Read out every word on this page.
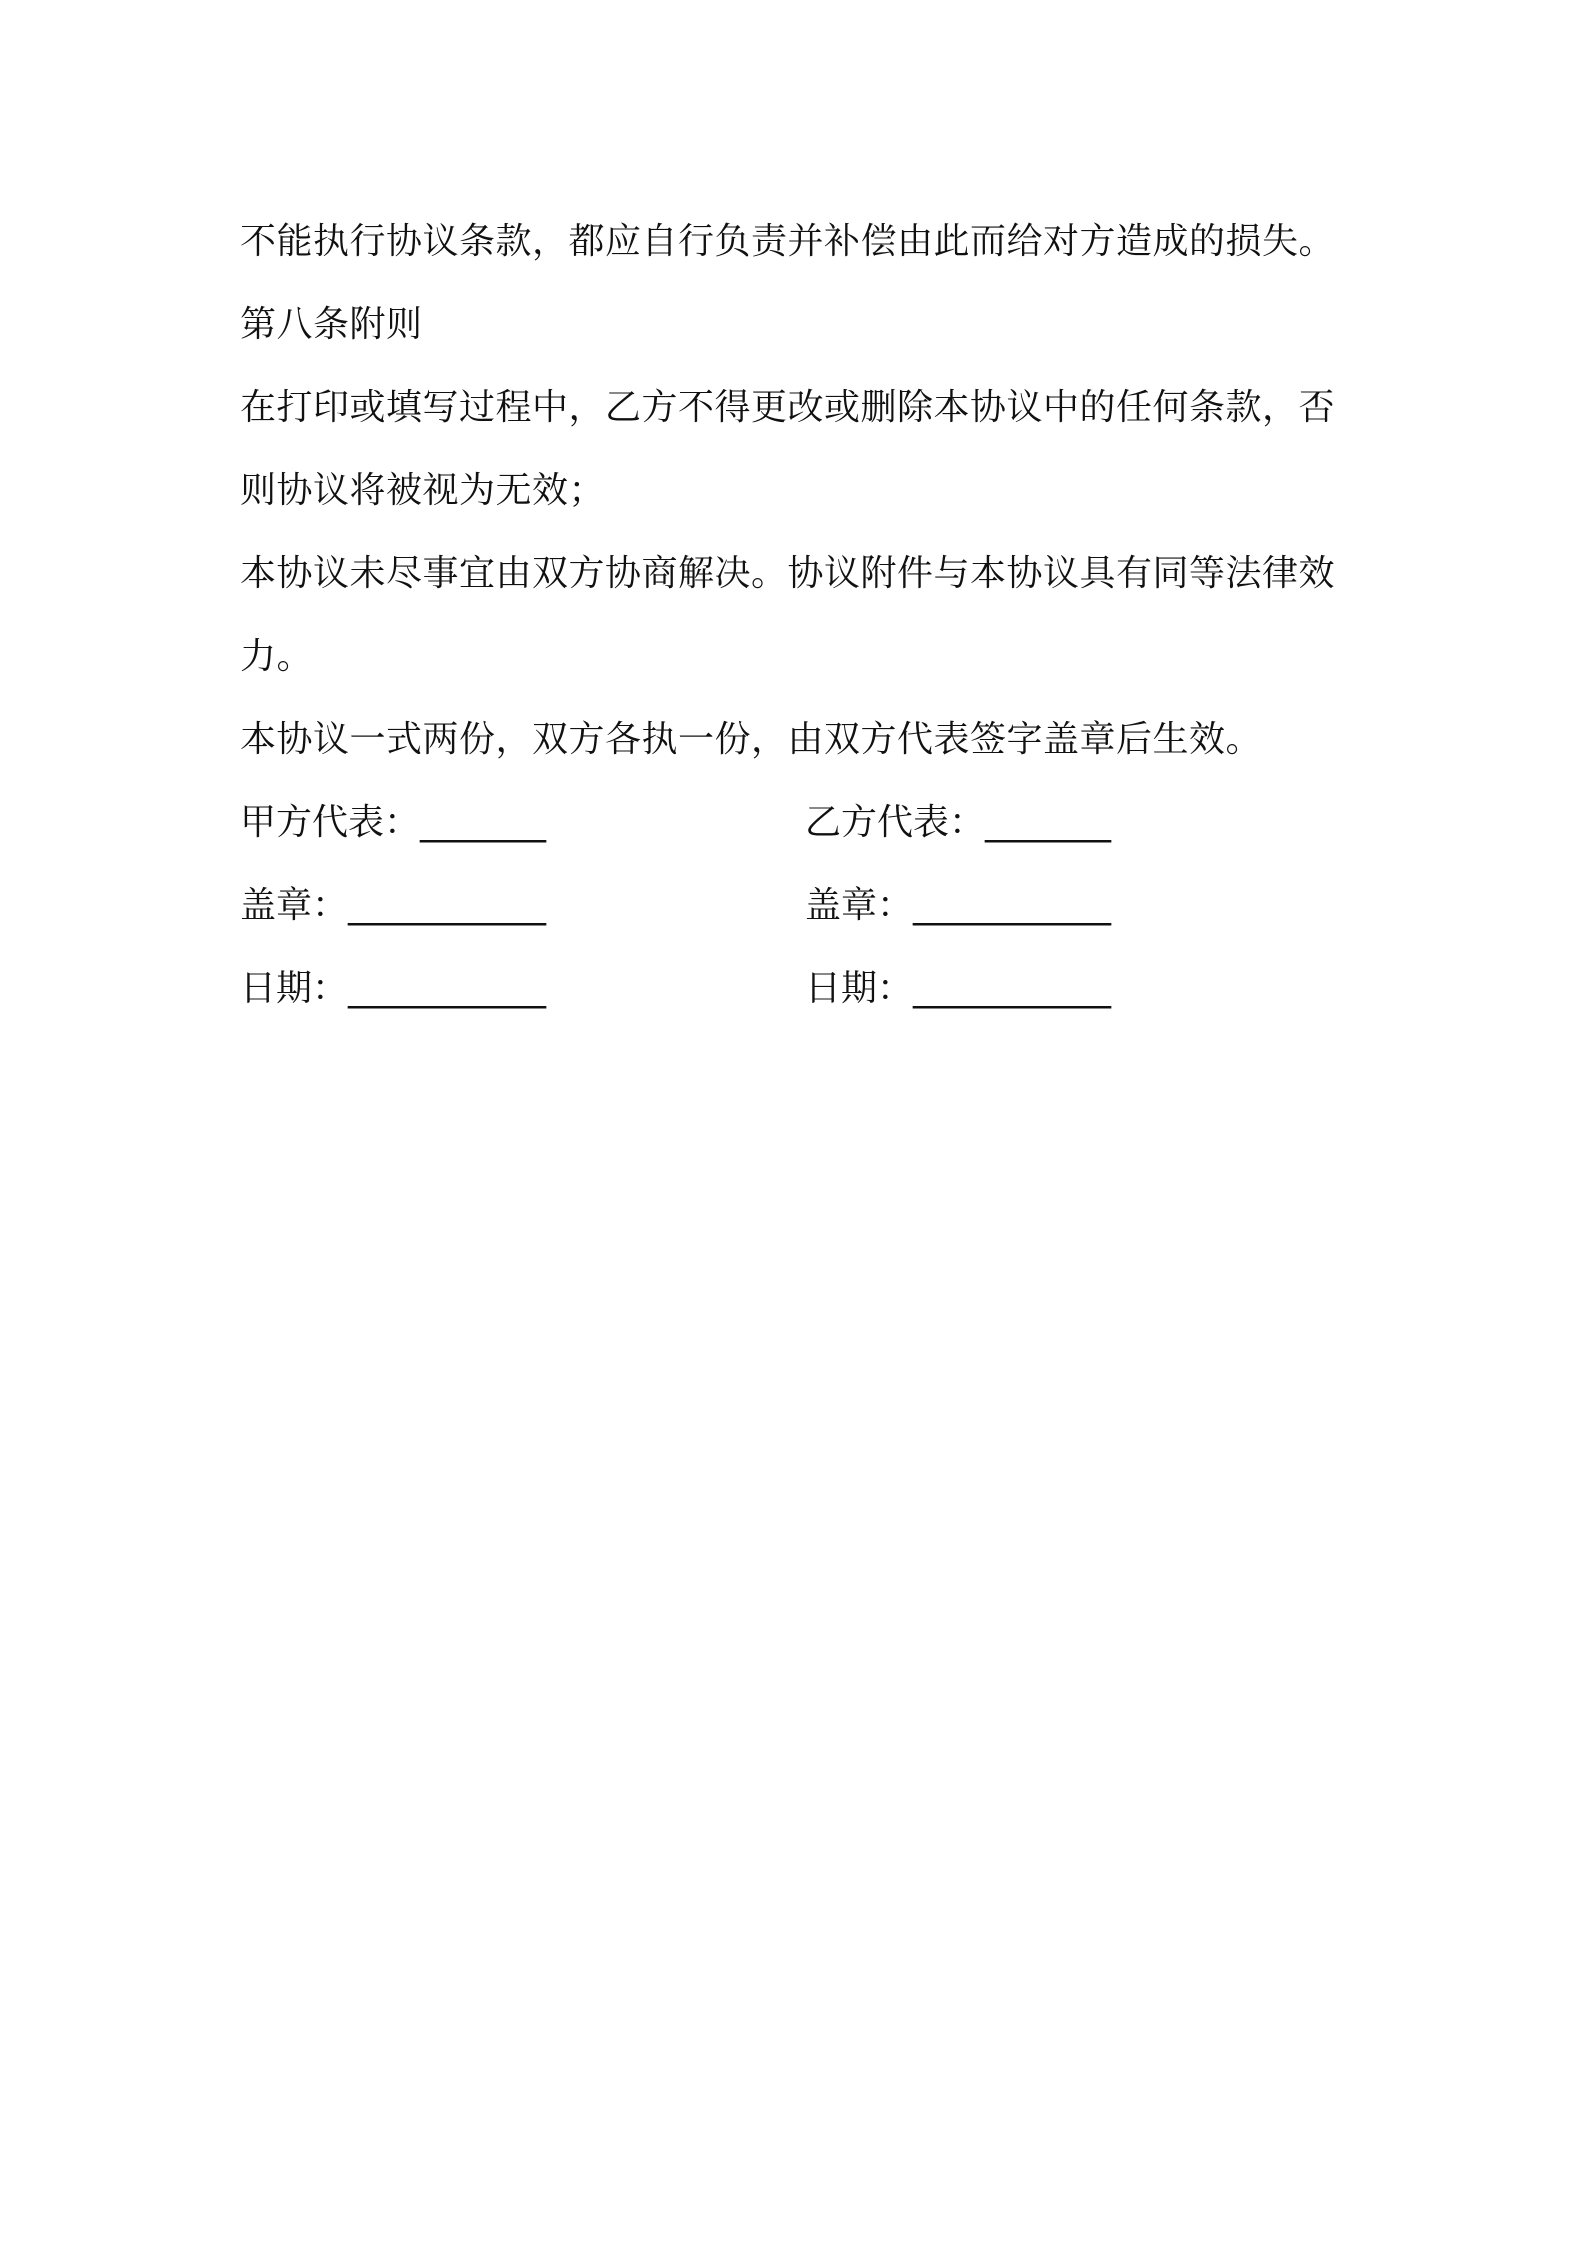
不能执行协议条款，都应自行负责并补偿由此而给对方造成的损失。
第八条附则
在打印或填写过程中，乙方不得更改或删除本协议中的任何条款，否
则协议将被视为无效；
本协议未尽事宜由双方协商解决。协议附件与本协议具有同等法律效
力。
本协议一式两份，双方各执一份，由双方代表签字盖章后生效。
甲方代表：_______	乙方代表：_______
盖章：___________	盖章：___________
日期：___________	日期：___________
